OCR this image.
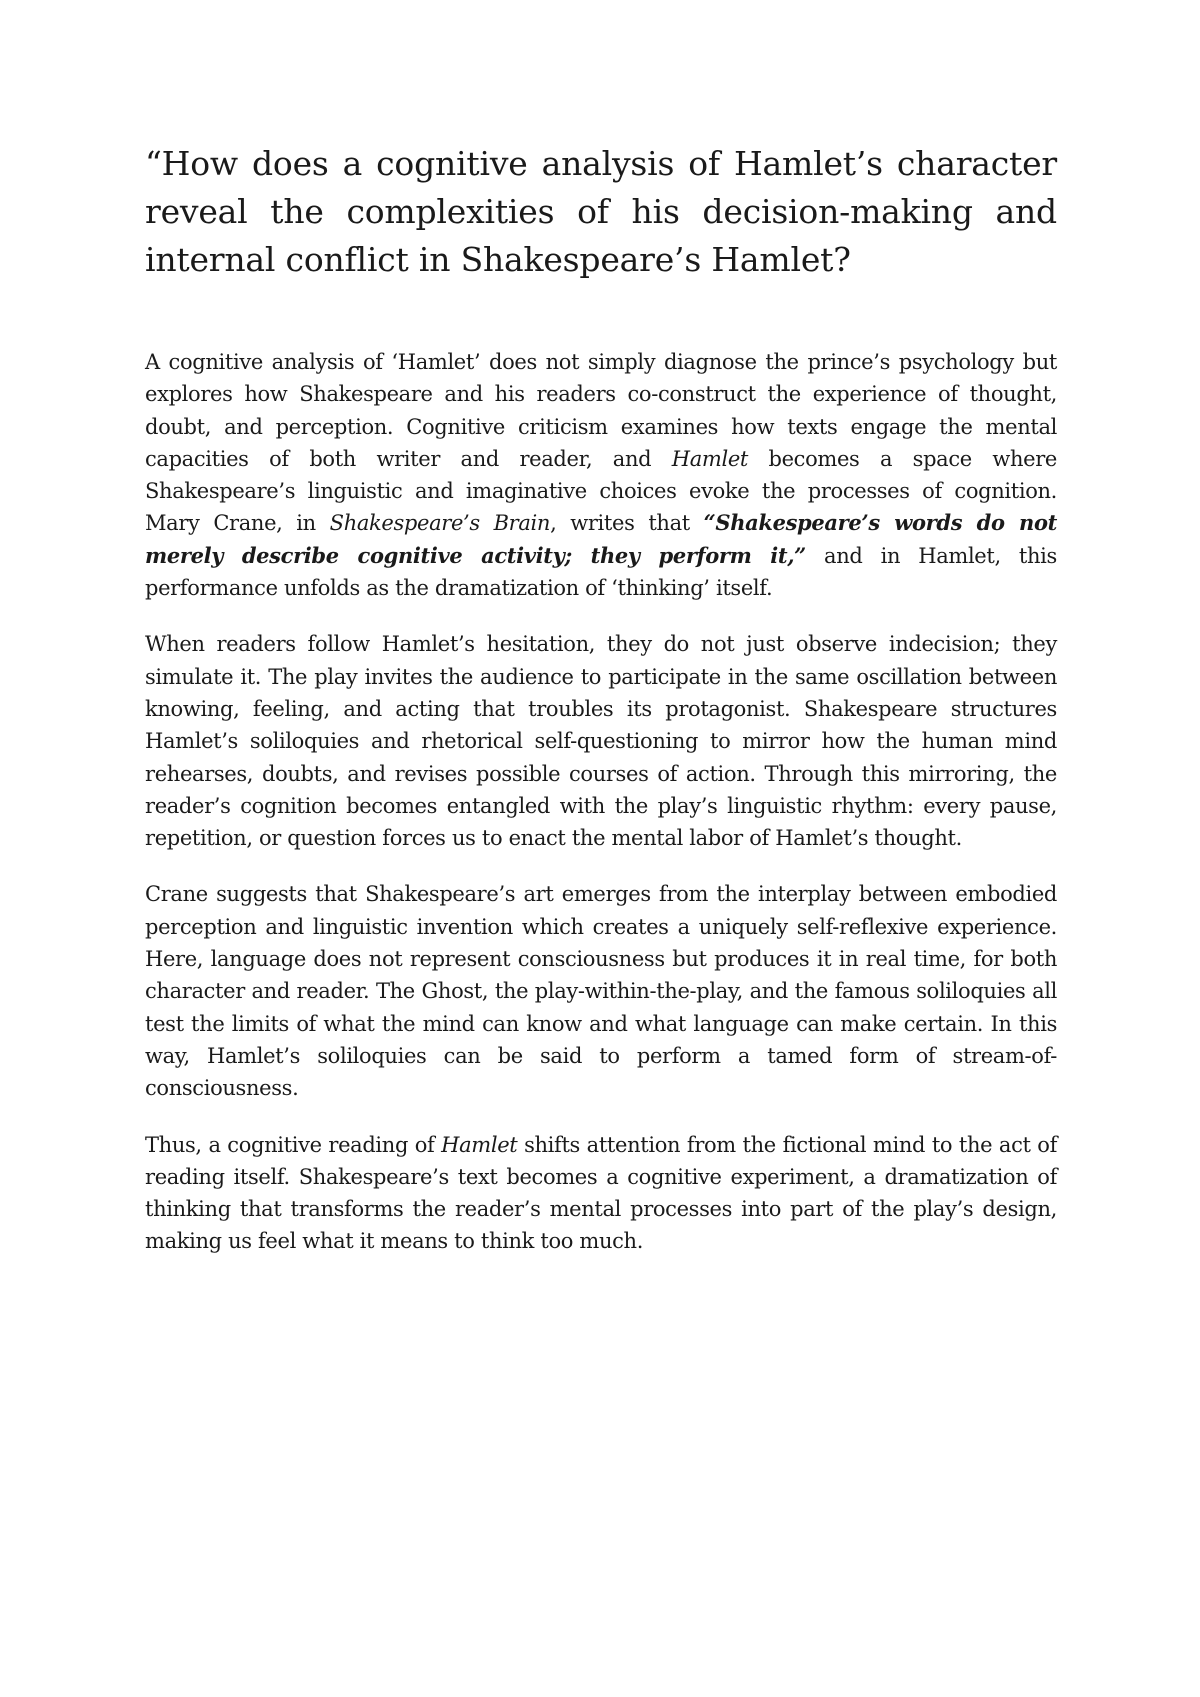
“How does a cognitive analysis of Hamlet’s character reveal the complexities of his decision-making and internal conflict in Shakespeare’s Hamlet?

A cognitive analysis of ‘Hamlet’ does not simply diagnose the prince’s psychology but explores how Shakespeare and his readers co-construct the experience of thought, doubt, and perception. Cognitive criticism examines how texts engage the mental capacities of both writer and reader, and Hamlet becomes a space where Shakespeare’s linguistic and imaginative choices evoke the processes of cognition. Mary Crane, in Shakespeare’s Brain, writes that “Shakespeare’s words do not merely describe cognitive activity; they perform it,” and in Hamlet, this performance unfolds as the dramatization of ‘thinking’ itself.

When readers follow Hamlet’s hesitation, they do not just observe indecision; they simulate it. The play invites the audience to participate in the same oscillation between knowing, feeling, and acting that troubles its protagonist. Shakespeare structures Hamlet’s soliloquies and rhetorical self-questioning to mirror how the human mind rehearses, doubts, and revises possible courses of action. Through this mirroring, the reader’s cognition becomes entangled with the play’s linguistic rhythm: every pause, repetition, or question forces us to enact the mental labor of Hamlet’s thought.

Crane suggests that Shakespeare’s art emerges from the interplay between embodied perception and linguistic invention which creates a uniquely self-reflexive experience. Here, language does not represent consciousness but produces it in real time, for both character and reader. The Ghost, the play-within-the-play, and the famous soliloquies all test the limits of what the mind can know and what language can make certain. In this way, Hamlet’s soliloquies can be said to perform a tamed form of stream-of-consciousness.

Thus, a cognitive reading of Hamlet shifts attention from the fictional mind to the act of reading itself. Shakespeare’s text becomes a cognitive experiment, a dramatization of thinking that transforms the reader’s mental processes into part of the play’s design, making us feel what it means to think too much.
